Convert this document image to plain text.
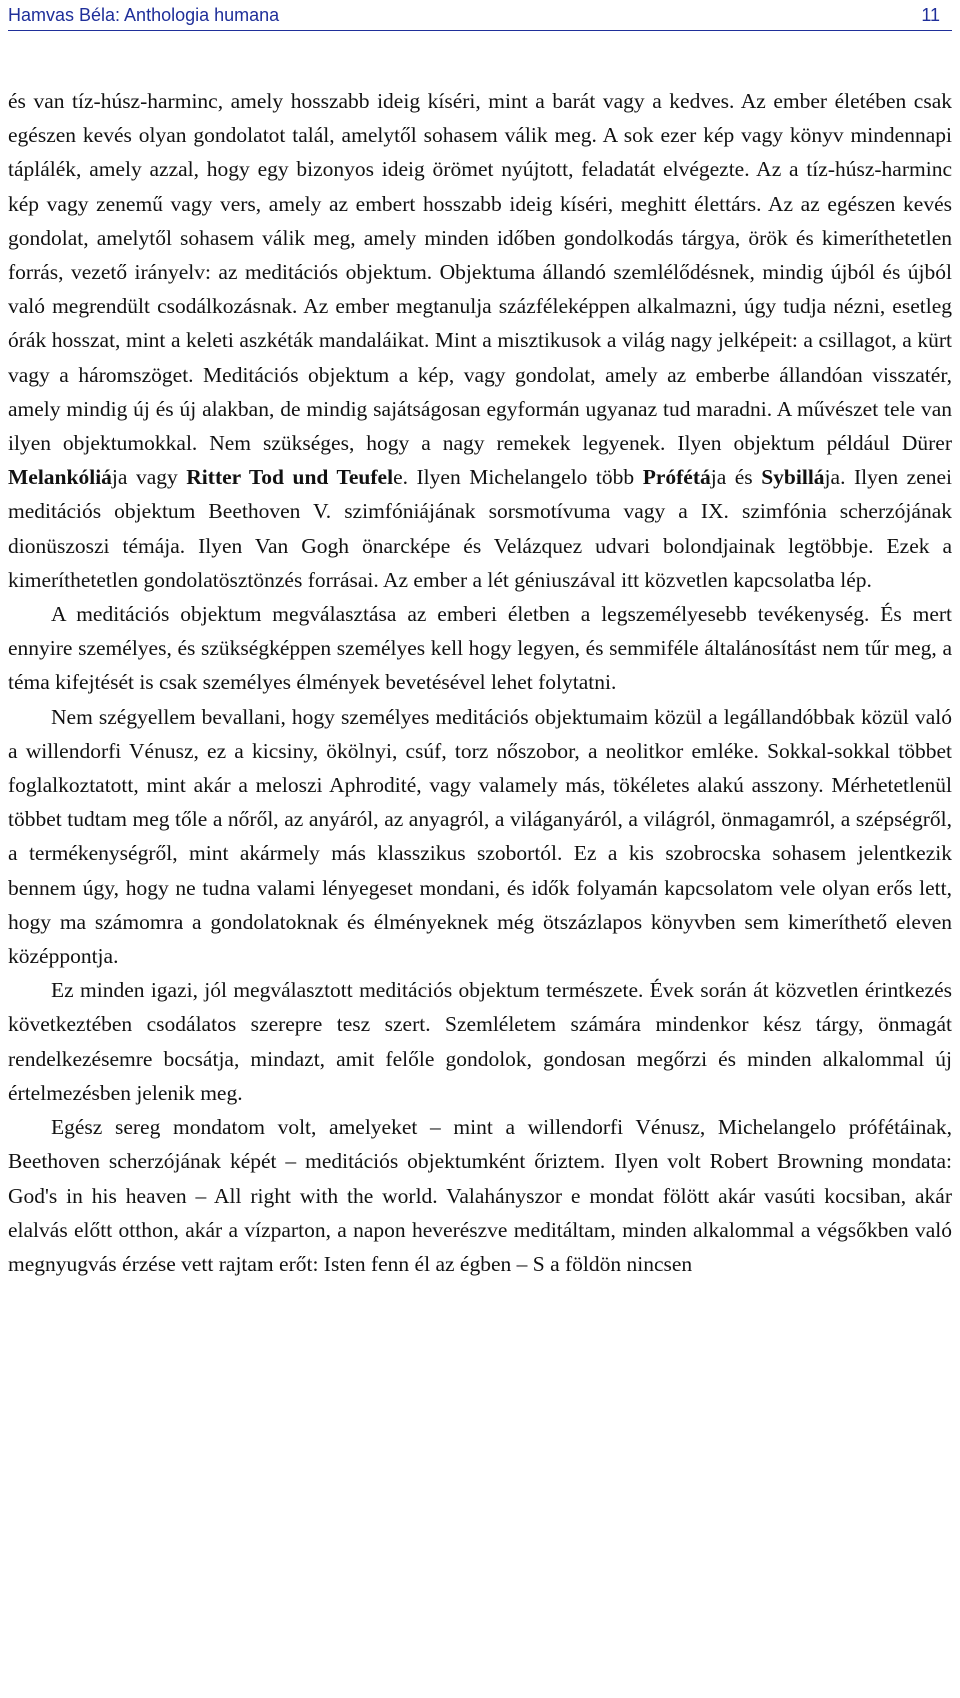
Hamvas Béla: Anthologia humana	11

és van tíz-húsz-harminc, amely hosszabb ideig kíséri, mint a barát vagy a kedves. Az ember életében csak egészen kevés olyan gondolatot talál, amelytől sohasem válik meg. A sok ezer kép vagy könyv mindennapi táplálék, amely azzal, hogy egy bizonyos ideig örömet nyújtott, feladatát elvégezte. Az a tíz-húsz-harminc kép vagy zenemű vagy vers, amely az embert hosszabb ideig kíséri, meghitt élettárs. Az az egészen kevés gondolat, amelytől sohasem válik meg, amely minden időben gondolkodás tárgya, örök és kimeríthetetlen forrás, vezető irányelv: az meditációs objektum. Objektuma állandó szemlélődésnek, mindig újból és újból való megrendült csodálkozásnak. Az ember megtanulja százféleképpen alkalmazni, úgy tudja nézni, esetleg órák hosszat, mint a keleti aszkéták mandaláikat. Mint a misztikusok a világ nagy jelképeit: a csillagot, a kürt vagy a háromszöget. Meditációs objektum a kép, vagy gondolat, amely az emberbe állandóan visszatér, amely mindig új és új alakban, de mindig sajátságosan egyformán ugyanaz tud maradni. A művészet tele van ilyen objektumokkal. Nem szükséges, hogy a nagy remekek legyenek. Ilyen objektum például Dürer Melankóliája vagy Ritter Tod und Teufele. Ilyen Michelangelo több Prófétája és Sybillája. Ilyen zenei meditációs objektum Beethoven V. szimfóniájának sorsmotívuma vagy a IX. szimfónia scherzójának dionüszoszi témája. Ilyen Van Gogh önarcképe és Velázquez udvari bolondjainak legtöbbje. Ezek a kimeríthetetlen gondolatösztönzés forrásai. Az ember a lét géniuszával itt közvetlen kapcsolatba lép.

A meditációs objektum megválasztása az emberi életben a legszemélyesebb tevékenység. És mert ennyire személyes, és szükségképpen személyes kell hogy legyen, és semmiféle általánosítást nem tűr meg, a téma kifejtését is csak személyes élmények bevetésével lehet folytatni.

Nem szégyellem bevallani, hogy személyes meditációs objektumaim közül a legállandóbbak közül való a willendorfi Vénusz, ez a kicsiny, ökölnyi, csúf, torz nőszobor, a neolitkor emléke. Sokkal-sokkal többet foglalkoztatott, mint akár a meloszi Aphrodité, vagy valamely más, tökéletes alakú asszony. Mérhetetlenül többet tudtam meg tőle a nőről, az anyáról, az anyagról, a világanyáról, a világról, önmagamról, a szépségről, a termékenységről, mint akármely más klasszikus szobortól. Ez a kis szobrocska sohasem jelentkezik bennem úgy, hogy ne tudna valami lényegeset mondani, és idők folyamán kapcsolatom vele olyan erős lett, hogy ma számomra a gondolatoknak és élményeknek még ötszázlapos könyvben sem kimeríthető eleven középpontja.

Ez minden igazi, jól megválasztott meditációs objektum természete. Évek során át közvetlen érintkezés következtében csodálatos szerepre tesz szert. Szemléletem számára mindenkor kész tárgy, önmagát rendelkezésemre bocsátja, mindazt, amit felőle gondolok, gondosan megőrzi és minden alkalommal új értelmezésben jelenik meg.

Egész sereg mondatom volt, amelyeket – mint a willendorfi Vénusz, Michelangelo prófétáinak, Beethoven scherzójának képét – meditációs objektumként őriztem. Ilyen volt Robert Browning mondata: God's in his heaven – All right with the world. Valahányszor e mondat fölött akár vasúti kocsiban, akár elalvás előtt otthon, akár a vízparton, a napon heverészve meditáltam, minden alkalommal a végsőkben való megnyugvás érzése vett rajtam erőt: Isten fenn él az égben – S a földön nincsen
